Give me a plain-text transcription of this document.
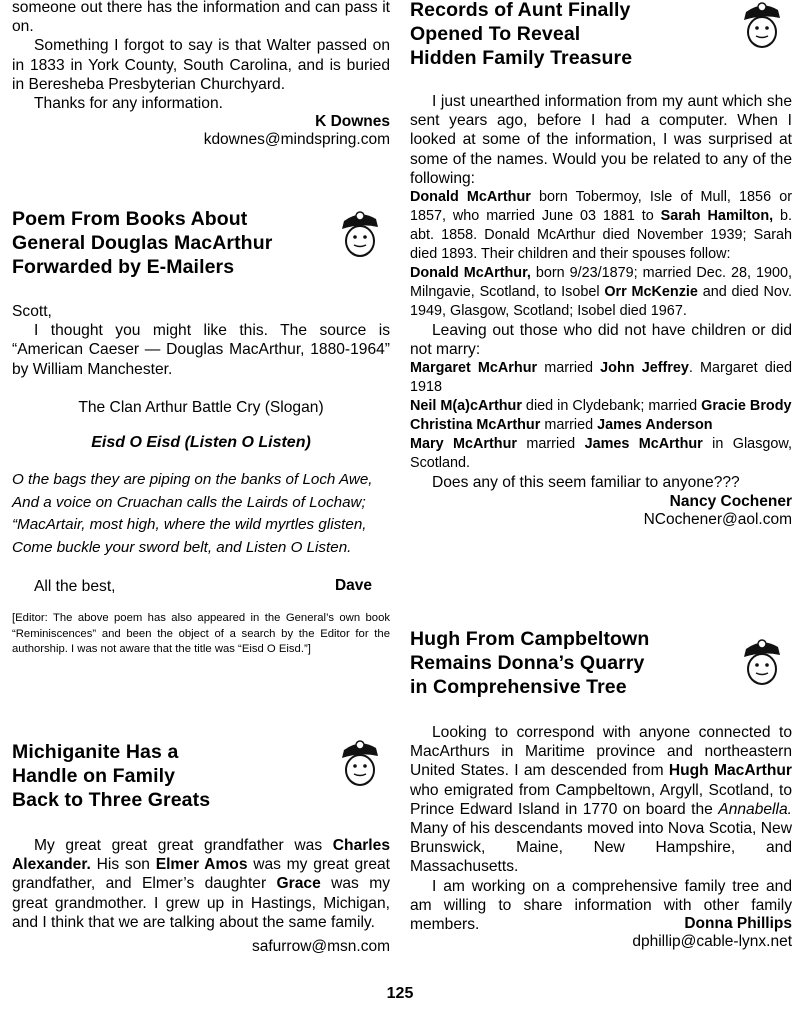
someone out there has the information and can pass it on.

Something I forgot to say is that Walter passed on in 1833 in York County, South Carolina, and is buried in Beresheba Presbyterian Churchyard.

Thanks for any information.

K Downes

kdownes@mindspring.com

Poem From Books About

General Douglas MacArthur

Forwarded by E-Mailers

Scott,

I thought you might like this. The source is “American Caeser — Douglas MacArthur, 1880-1964” by William Manchester.

The Clan Arthur Battle Cry (Slogan)

Eisd O Eisd (Listen O Listen)

O the bags they are piping on the banks of Loch Awe,

And a voice on Cruachan calls the Lairds of Lochaw;

“MacArtair, most high, where the wild myrtles glisten,

Come buckle your sword belt, and Listen O Listen.

All the best,	Dave

[Editor: The above poem has also appeared in the General’s own book “Reminiscences” and been the object of a search by the Editor for the authorship. I was not aware that the title was “Eisd O Eisd.”]

Michiganite Has a

Handle on Family

Back to Three Greats

My great great great grandfather was Charles Alexander. His son Elmer Amos was my great great grandfather, and Elmer’s daughter Grace was my great grandmother. I grew up in Hastings, Michigan, and I think that we are talking about the same family.

safurrow@msn.com

Records of Aunt Finally

Opened To Reveal

Hidden Family Treasure

I just unearthed information from my aunt which she sent years ago, before I had a computer. When I looked at some of the information, I was surprised at some of the names. Would you be related to any of the following:

Donald McArthur born Tobermoy, Isle of Mull, 1856 or 1857, who married June 03 1881 to Sarah Hamilton, b. abt. 1858. Donald McArthur died November 1939; Sarah died 1893. Their children and their spouses follow:

Donald McArthur, born 9/23/1879; married Dec. 28, 1900, Milngavie, Scotland, to Isobel Orr McKenzie and died Nov. 1949, Glasgow, Scotland; Isobel died 1967.

Leaving out those who did not have children or did not marry:

Margaret McArhur married John Jeffrey. Margaret died 1918

Neil M(a)cArthur died in Clydebank; married Gracie Brody

Christina McArthur married James Anderson

Mary McArthur married James McArthur in Glasgow, Scotland.

Does any of this seem familiar to anyone???

Nancy Cochener

NCochener@aol.com

Hugh From Campbeltown

Remains Donna’s Quarry

in Comprehensive Tree

Looking to correspond with anyone connected to MacArthurs in Maritime province and northeastern United States. I am descended from Hugh MacArthur who emigrated from Campbeltown, Argyll, Scotland, to Prince Edward Island in 1770 on board the Annabella. Many of his descendants moved into Nova Scotia, New Brunswick, Maine, New Hampshire, and Massachusetts.

I am working on a comprehensive family tree and am willing to share information with other family members.	Donna Phillips

dphillip@cable-lynx.net

125
